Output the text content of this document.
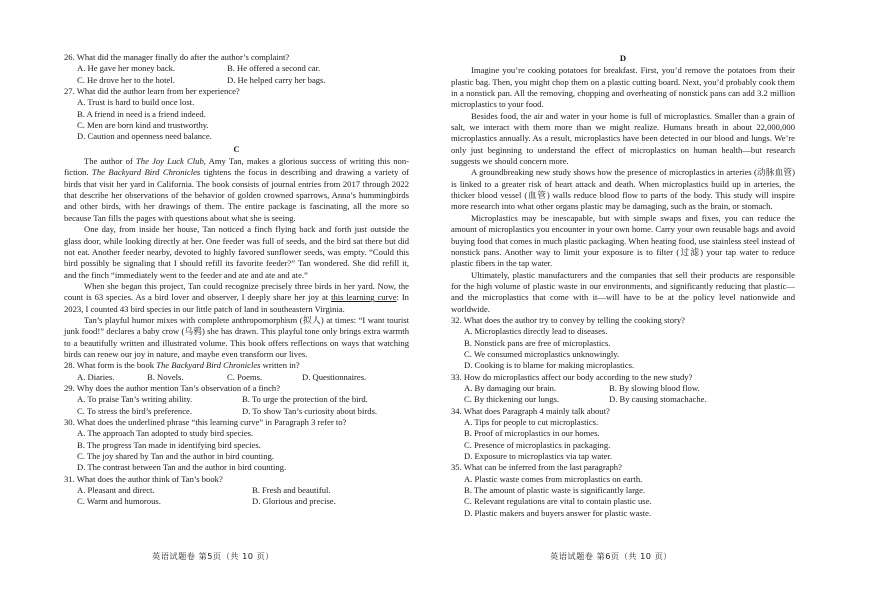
26. What did the manager finally do after the author’s complaint?

A. He gave her money back.	B. He offered a second car.
C. He drove her to the hotel.	D. He helped carry her bags.

27. What did the author learn from her experience?

A. Trust is hard to build once lost.
B. A friend in need is a friend indeed.
C. Men are born kind and trustworthy.
D. Caution and openness need balance.
C

The author of The Joy Luck Club, Amy Tan, makes a glorious success of writing this non-fiction. The Backyard Bird Chronicles tightens the focus in describing and drawing a variety of birds that visit her yard in California. The book consists of journal entries from 2017 through 2022 that describe her observations of the behavior of golden crowned sparrows, Anna’s hummingbirds and other birds, with her drawings of them. The entire package is fascinating, all the more so because Tan fills the pages with questions about what she is seeing.

One day, from inside her house, Tan noticed a finch flying back and forth just outside the glass door, while looking directly at her. One feeder was full of seeds, and the bird sat there but did not eat. Another feeder nearby, devoted to highly favored sunflower seeds, was empty. “Could this bird possibly be signaling that I should refill its favorite feeder?” Tan wondered. She did refill it, and the finch “immediately went to the feeder and ate and ate and ate.”

When she began this project, Tan could recognize precisely three birds in her yard. Now, the count is 63 species. As a bird lover and observer, I deeply share her joy at this learning curve: In 2023, I counted 43 bird species in our little patch of land in southeastern Virginia.

Tan’s playful humor mixes with complete anthropomorphism (拟人) at times: “I want tourist junk food!” declares a baby crow (乌鸦) she has drawn. This playful tone only brings extra warmth to a beautifully written and illustrated volume. This book offers reflections on ways that watching birds can renew our joy in nature, and maybe even transform our lives.

28. What form is the book The Backyard Bird Chronicles written in?

A. Diaries.	B. Novels.	C. Poems.	D. Questionnaires.

29. Why does the author mention Tan’s observation of a finch?

A. To praise Tan’s writing ability.	B. To urge the protection of the bird.
C. To stress the bird’s preference.	D. To show Tan’s curiosity about birds.

30. What does the underlined phrase “this learning curve” in Paragraph 3 refer to?

A. The approach Tan adopted to study bird species.
B. The progress Tan made in identifying bird species.
C. The joy shared by Tan and the author in bird counting.
D. The contrast between Tan and the author in bird counting.

31. What does the author think of Tan’s book?

A. Pleasant and direct.	B. Fresh and beautiful.
C. Warm and humorous.	D. Glorious and precise.
英语试题卷 第5页（共 10 页）
D

Imagine you’re cooking potatoes for breakfast. First, you’d remove the potatoes from their plastic bag. Then, you might chop them on a plastic cutting board. Next, you’d probably cook them in a nonstick pan. All the removing, chopping and overheating of nonstick pans can add 3.2 million microplastics to your food.

Besides food, the air and water in your home is full of microplastics. Smaller than a grain of salt, we interact with them more than we might realize. Humans breath in about 22,000,000 microplastics annually. As a result, microplastics have been detected in our blood and lungs. We’re only just beginning to understand the effect of microplastics on human health—but research suggests we should concern more.

A groundbreaking new study shows how the presence of microplastics in arteries (动脉血管) is linked to a greater risk of heart attack and death. When microplastics build up in arteries, the thicker blood vessel (血管) walls reduce blood flow to parts of the body. This study will inspire more research into what other organs plastic may be damaging, such as the brain, or stomach.

Microplastics may be inescapable, but with simple swaps and fixes, you can reduce the amount of microplastics you encounter in your own home. Carry your own reusable bags and avoid buying food that comes in much plastic packaging. When heating food, use stainless steel instead of nonstick pans. Another way to limit your exposure is to filter (过滤) your tap water to reduce plastic fibers in the tap water.

Ultimately, plastic manufacturers and the companies that sell their products are responsible for the high volume of plastic waste in our environments, and significantly reducing that plastic—and the microplastics that come with it—will have to be at the policy level nationwide and worldwide.

32. What does the author try to convey by telling the cooking story?

A. Microplastics directly lead to diseases.
B. Nonstick pans are free of microplastics.
C. We consumed microplastics unknowingly.
D. Cooking is to blame for making microplastics.

33. How do microplastics affect our body according to the new study?

A. By damaging our brain.	B. By slowing blood flow.
C. By thickening our lungs.	D. By causing stomachache.

34. What does Paragraph 4 mainly talk about?

A. Tips for people to cut microplastics.
B. Proof of microplastics in our homes.
C. Presence of microplastics in packaging.
D. Exposure to microplastics via tap water.

35. What can be inferred from the last paragraph?

A. Plastic waste comes from microplastics on earth.
B. The amount of plastic waste is significantly large.
C. Relevant regulations are vital to contain plastic use.
D. Plastic makers and buyers answer for plastic waste.
英语试题卷 第6页（共 10 页）
